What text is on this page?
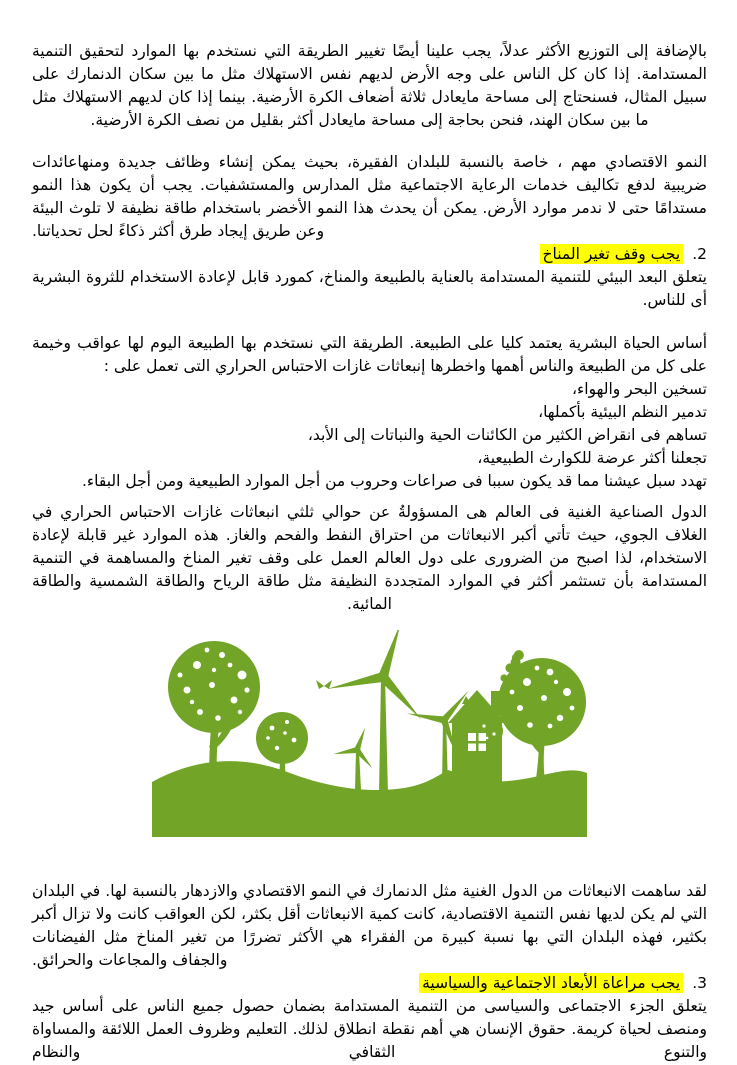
بالإضافة إلى التوزيع الأكثر عدلاً، يجب علينا أيضًا تغيير الطريقة التي نستخدم بها الموارد لتحقيق التنمية المستدامة. إذا كان كل الناس على وجه الأرض لديهم نفس الاستهلاك مثل ما بين سكان الدنمارك على سبيل المثال، فسنحتاج إلى مساحة مايعادل ثلاثة أضعاف الكرة الأرضية. بينما إذا كان لديهم الاستهلاك مثل ما بين سكان الهند، فنحن بحاجة إلى مساحة مايعادل أكثر بقليل من نصف الكرة الأرضية.

النمو الاقتصادي مهم ، خاصة بالنسبة للبلدان الفقيرة، بحيث يمكن إنشاء وظائف جديدة ومنهاعائدات ضريبية لدفع تكاليف خدمات الرعاية الاجتماعية مثل المدارس والمستشفيات. يجب أن يكون هذا النمو مستدامًا حتى لا ندمر موارد الأرض. يمكن أن يحدث هذا النمو الأخضر باستخدام طاقة نظيفة لا تلوث البيئة وعن طريق إيجاد طرق أكثر ذكاءً لحل تحدياتنا.

2.يجب وقف تغير المناخ

يتعلق البعد البيئي للتنمية المستدامة بالعناية بالطبيعة والمناخ، كمورد قابل لإعادة الاستخدام للثروة البشرية أى للناس.

أساس الحياة البشرية يعتمد كليا على الطبيعة. الطريقة التي نستخدم بها الطبيعة اليوم لها عواقب وخيمة على كل من الطبيعة والناس أهمها واخطرها إنبعاثات غازات الاحتباس الحراري التى تعمل على :

تسخين البحر والهواء،
تدمير النظم البيئية بأكملها،
تساهم فى انقراض الكثير من الكائنات الحية والنباتات إلى الأبد،
تجعلنا أكثر عرضة للكوارث الطبيعية،
تهدد سبل عيشنا مما قد يكون سببا فى صراعات وحروب من أجل الموارد الطبيعية ومن أجل البقاء.

الدول الصناعية الغنية فى العالم هى المسؤولةُ عن حوالي ثلثي انبعاثات غازات الاحتباس الحراري في الغلاف الجوي، حيث تأتي أكبر الانبعاثات من احتراق النفط والفحم والغاز. هذه الموارد غير قابلة لإعادة الاستخدام، لذا اصبح من الضرورى على دول العالم العمل على وقف تغير المناخ والمساهمة في التنمية المستدامة بأن تستثمر أكثر في الموارد المتجددة النظيفة مثل طاقة الرياح والطاقة الشمسية والطاقة المائية.

لقد ساهمت الانبعاثات من الدول الغنية مثل الدنمارك في النمو الاقتصادي والازدهار بالنسبة لها. في البلدان التي لم يكن لديها نفس التنمية الاقتصادية، كانت كمية الانبعاثات أقل بكثر، لكن العواقب كانت ولا تزال أكبر بكثير، فهذه البلدان التي بها نسبة كبيرة من الفقراء هي الأكثر تضررًا من تغير المناخ مثل الفيضانات والجفاف والمجاعات والحرائق.

3.يجب مراعاة الأبعاد الاجتماعية والسياسية

يتعلق الجزء الاجتماعى والسياسى من التنمية المستدامة بضمان حصول جميع الناس على أساس جيد ومنصف لحياة كريمة. حقوق الإنسان هي أهم نقطة انطلاق لذلك. التعليم وظروف العمل اللائقة والمساواة والتنوع الثقافي والنظام
